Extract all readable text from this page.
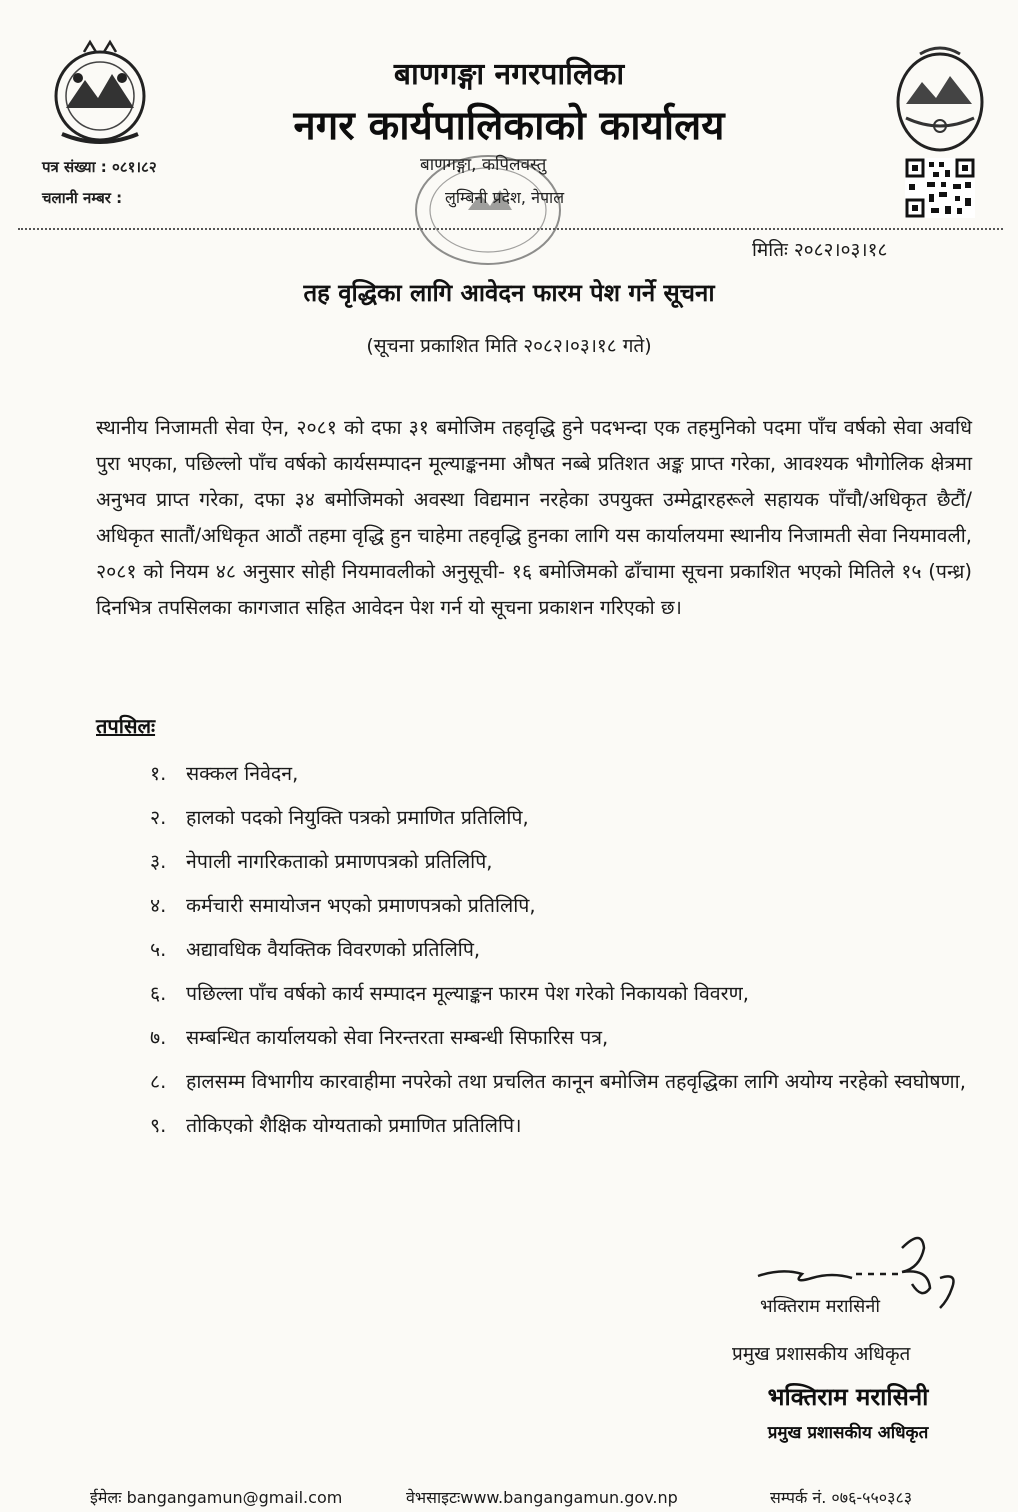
बाणगङ्गा नगरपालिका
नगर कार्यपालिकाको कार्यालय
पत्र संख्या : ०८१।८२
चलानी नम्बर :
बाणगङ्गा, कपिलवस्तु
लुम्बिनी प्रदेश, नेपाल
मितिः २०८२।०३।१८
तह वृद्धिका लागि आवेदन फारम पेश गर्ने सूचना
(सूचना प्रकाशित मिति २०८२।०३।१८ गते)

स्थानीय निजामती सेवा ऐन, २०८१ को दफा ३१ बमोजिम तहवृद्धि हुने पदभन्दा एक तहमुनिको पदमा पाँच वर्षको सेवा अवधि पुरा भएका, पछिल्लो पाँच वर्षको कार्यसम्पादन मूल्याङ्कनमा औषत नब्बे प्रतिशत अङ्क प्राप्त गरेका, आवश्यक भौगोलिक क्षेत्रमा अनुभव प्राप्त गरेका, दफा ३४ बमोजिमको अवस्था विद्यमान नरहेका उपयुक्त उम्मेद्वारहरूले सहायक पाँचौ/अधिकृत छैटौं/अधिकृत सातौं/अधिकृत आठौं तहमा वृद्धि हुन चाहेमा तहवृद्धि हुनका लागि यस कार्यालयमा स्थानीय निजामती सेवा नियमावली, २०८१ को नियम ४८ अनुसार सोही नियमावलीको अनुसूची- १६ बमोजिमको ढाँचामा सूचना प्रकाशित भएको मितिले १५ (पन्ध्र) दिनभित्र तपसिलका कागजात सहित आवेदन पेश गर्न यो सूचना प्रकाशन गरिएको छ।

तपसिलः
१.	सक्कल निवेदन,
२.	हालको पदको नियुक्ति पत्रको प्रमाणित प्रतिलिपि,
३.	नेपाली नागरिकताको प्रमाणपत्रको प्रतिलिपि,
४.	कर्मचारी समायोजन भएको प्रमाणपत्रको प्रतिलिपि,
५.	अद्यावधिक वैयक्तिक विवरणको प्रतिलिपि,
६.	पछिल्ला पाँच वर्षको कार्य सम्पादन मूल्याङ्कन फारम पेश गरेको निकायको विवरण,
७.	सम्बन्धित कार्यालयको सेवा निरन्तरता सम्बन्धी सिफारिस पत्र,
८.	हालसम्म विभागीय कारवाहीमा नपरेको तथा प्रचलित कानून बमोजिम तहवृद्धिका लागि अयोग्य नरहेको स्वघोषणा,
९.	तोकिएको शैक्षिक योग्यताको प्रमाणित प्रतिलिपि।
भक्तिराम मरासिनी
प्रमुख प्रशासकीय अधिकृत
भक्तिराम मरासिनी
प्रमुख प्रशासकीय अधिकृत
ईमेलः bangangamun@gmail.com	वेभसाइटःwww.bangangamun.gov.np	सम्पर्क नं. ०७६-५५०३८३
